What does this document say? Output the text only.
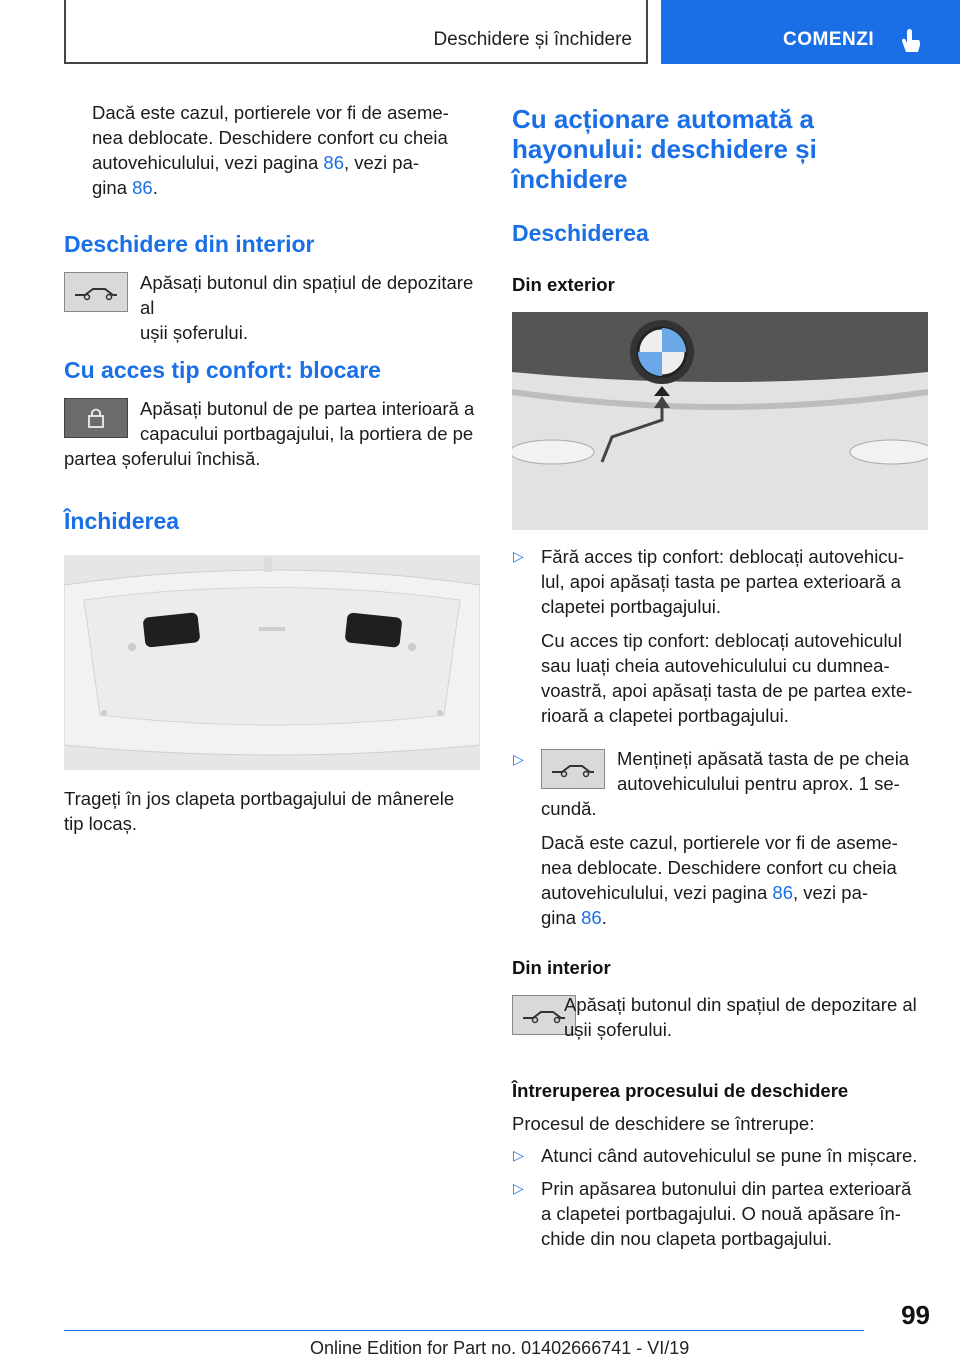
Deschidere și închidere	COMENZI

Dacă este cazul, portierele vor fi de aseme‐

nea deblocate. Deschidere confort cu cheia

autovehiculului, vezi pagina 86, vezi pa‐

gina 86.

Deschidere din interior

Apăsați butonul din spațiul de depozitare al

ușii șoferului.

Cu acces tip confort: blocare

Apăsați butonul de pe partea interioară a

capacului portbagajului, la portiera de pe

partea șoferului închisă.

Închiderea

Trageți în jos clapeta portbagajului de mânerele

tip locaș.

Cu acționare automată a

hayonului: deschidere și

închidere

Deschiderea
Din exterior
▷ Fără acces tip confort: deblocați autovehicu‐

lul, apoi apăsați tasta pe partea exterioară a

clapetei portbagajului.

Cu acces tip confort: deblocați autovehiculul

sau luați cheia autovehiculului cu dumnea‐

voastră, apoi apăsați tasta de pe partea exte‐

rioară a clapetei portbagajului.

▷	Mențineți apăsată tasta de pe cheia

autovehiculului pentru aprox. 1 se‐

cundă.

Dacă este cazul, portierele vor fi de aseme‐

nea deblocate. Deschidere confort cu cheia

autovehiculului, vezi pagina 86, vezi pa‐

gina 86.

Din interior

Apăsați butonul din spațiul de depozitare al

ușii șoferului.

Întreruperea procesului de deschidere
Procesul de deschidere se întrerupe:
▷ Atunci când autovehiculul se pune în mișcare.
▷ Prin apăsarea butonului din partea exterioară

a clapetei portbagajului. O nouă apăsare în‐

chide din nou clapeta portbagajului.

99
Online Edition for Part no. 01402666741 - VI/19
